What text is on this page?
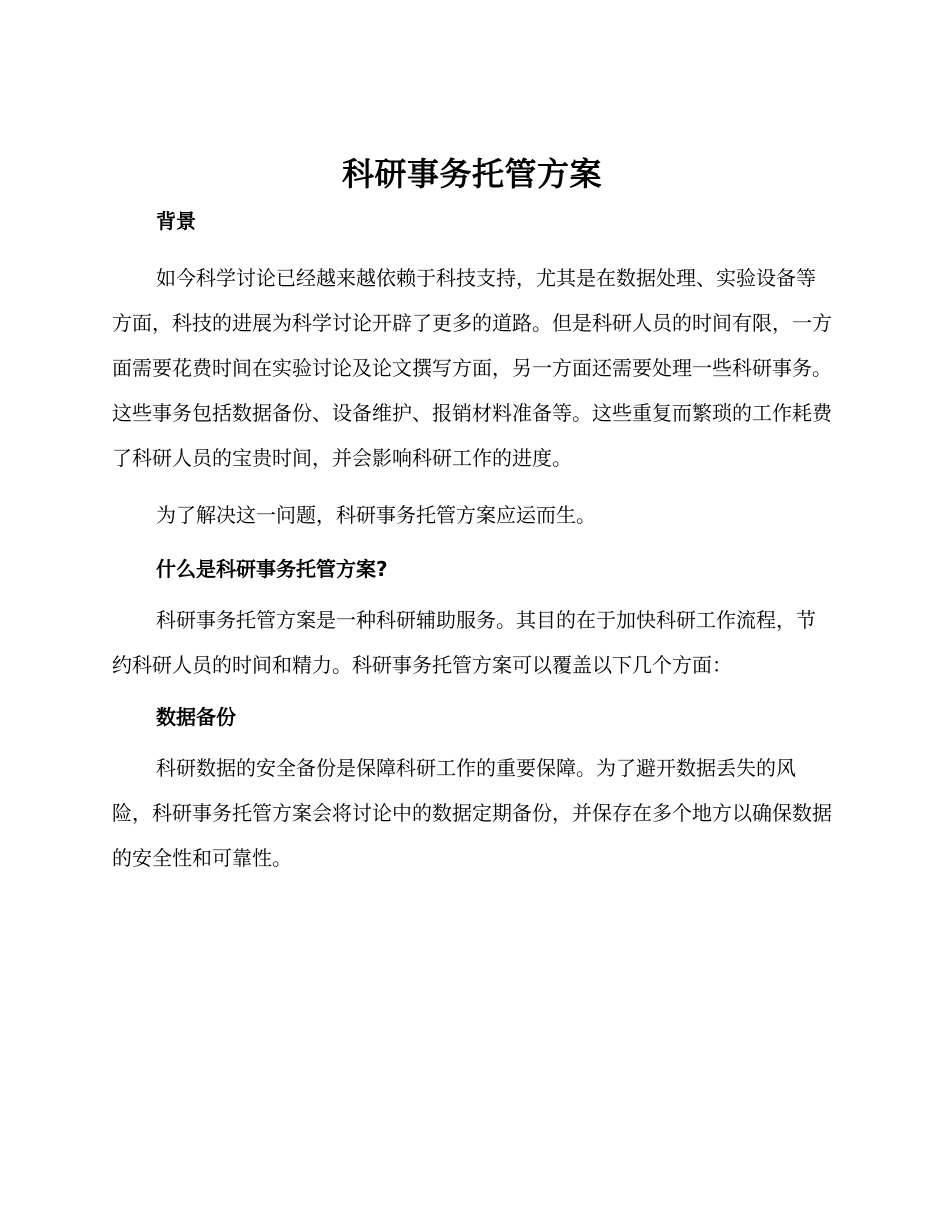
科研事务托管方案
背景

如今科学讨论已经越来越依赖于科技支持，尤其是在数据处理、实验设备等方面，科技的进展为科学讨论开辟了更多的道路。但是科研人员的时间有限，一方面需要花费时间在实验讨论及论文撰写方面，另一方面还需要处理一些科研事务。这些事务包括数据备份、设备维护、报销材料准备等。这些重复而繁琐的工作耗费了科研人员的宝贵时间，并会影响科研工作的进度。

为了解决这一问题，科研事务托管方案应运而生。

什么是科研事务托管方案?

科研事务托管方案是一种科研辅助服务。其目的在于加快科研工作流程，节约科研人员的时间和精力。科研事务托管方案可以覆盖以下几个方面：

数据备份

科研数据的安全备份是保障科研工作的重要保障。为了避开数据丢失的风险，科研事务托管方案会将讨论中的数据定期备份，并保存在多个地方以确保数据的安全性和可靠性。
